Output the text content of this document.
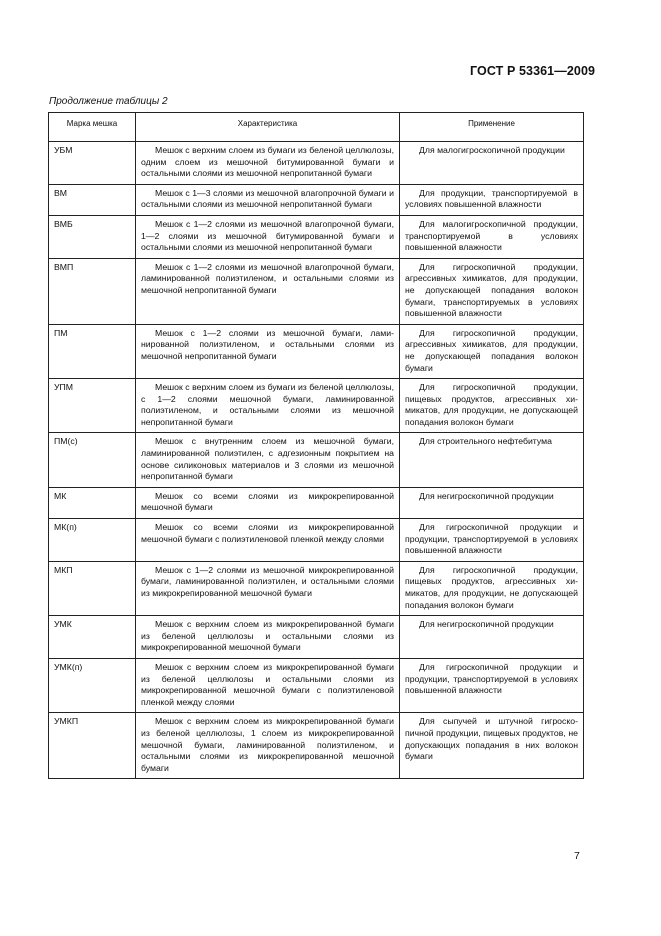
ГОСТ Р 53361—2009
Продолжение таблицы 2
Марка мешка	Характеристика	Применение
УБМ	Мешок с верхним слоем из бумаги из беленой целлюлозы, одним слоем из мешочной битумированной бумаги и остальными слоями из мешочной непропитанной бумаги	Для малогигроскопичной продукции
ВМ	Мешок с 1—3 слоями из мешочной влагопрочной бумаги и остальными слоями из мешочной непропитанной бумаги	Для продукции, транспортируемой в условиях повышенной влажности
ВМБ	Мешок с 1—2 слоями из мешочной влагопрочной бумаги, 1—2 слоями из мешочной битумированной бумаги и остальными слоями из мешочной непропитанной бумаги	Для малогигроскопичной продукции, транспортируемой в условиях повышенной влажности
ВМП	Мешок с 1—2 слоями из мешочной влагопрочной бумаги, ламинированной полиэтиленом, и остальными слоями из мешочной непропитанной бумаги	Для гигроскопичной продукции, агрессивных химикатов, для продукции, не допускающей попадания волокон бумаги, транспортируемых в условиях повышенной влажности
ПМ	Мешок с 1—2 слоями из мешочной бумаги, ламинированной полиэтиленом, и остальными слоями из мешочной непропитанной бумаги	Для гигроскопичной продукции, агрессивных химикатов, для продукции, не допускающей попадания волокон бумаги
УПМ	Мешок с верхним слоем из бумаги из беленой целлюлозы, с 1—2 слоями мешочной бумаги, ламинированной полиэтиленом, и остальными слоями из мешочной непропитанной бумаги	Для гигроскопичной продукции, пищевых продуктов, агрессивных химикатов, для продукции, не допускающей попадания волокон бумаги
ПМ(с)	Мешок с внутренним слоем из мешочной бумаги, ламинированной полиэтилен, с адгезионным покрытием на основе силиконовых материалов и 3 слоями из мешочной непропитанной бумаги	Для строительного нефтебитума
МК	Мешок со всеми слоями из микрокрепированной мешочной бумаги	Для негигроскопичной продукции
МК(п)	Мешок со всеми слоями из микрокрепированной мешочной бумаги с полиэтиленовой пленкой между слоями	Для гигроскопичной продукции и продукции, транспортируемой в условиях повышенной влажности
МКП	Мешок с 1—2 слоями из мешочной микрокрепированной бумаги, ламинированной полиэтилен, и остальными слоями из микрокрепированной мешочной бумаги	Для гигроскопичной продукции, пищевых продуктов, агрессивных химикатов, для продукции, не допускающей попадания волокон бумаги
УМК	Мешок с верхним слоем из микрокрепированной бумаги из беленой целлюлозы и остальными слоями из микрокрепированной мешочной бумаги	Для негигроскопичной продукции
УМК(п)	Мешок с верхним слоем из микрокрепированной бумаги из беленой целлюлозы и остальными слоями из микрокрепированной мешочной бумаги с полиэтиленовой пленкой между слоями	Для гигроскопичной продукции и продукции, транспортируемой в условиях повышенной влажности
УМКП	Мешок с верхним слоем из микрокрепированной бумаги из беленой целлюлозы, 1 слоем из микрокрепированной мешочной бумаги, ламинированной полиэтиленом, и остальными слоями из микрокрепированной мешочной бумаги	Для сыпучей и штучной гигроскопичной продукции, пищевых продуктов, не допускающих попадания в них волокон бумаги
7
